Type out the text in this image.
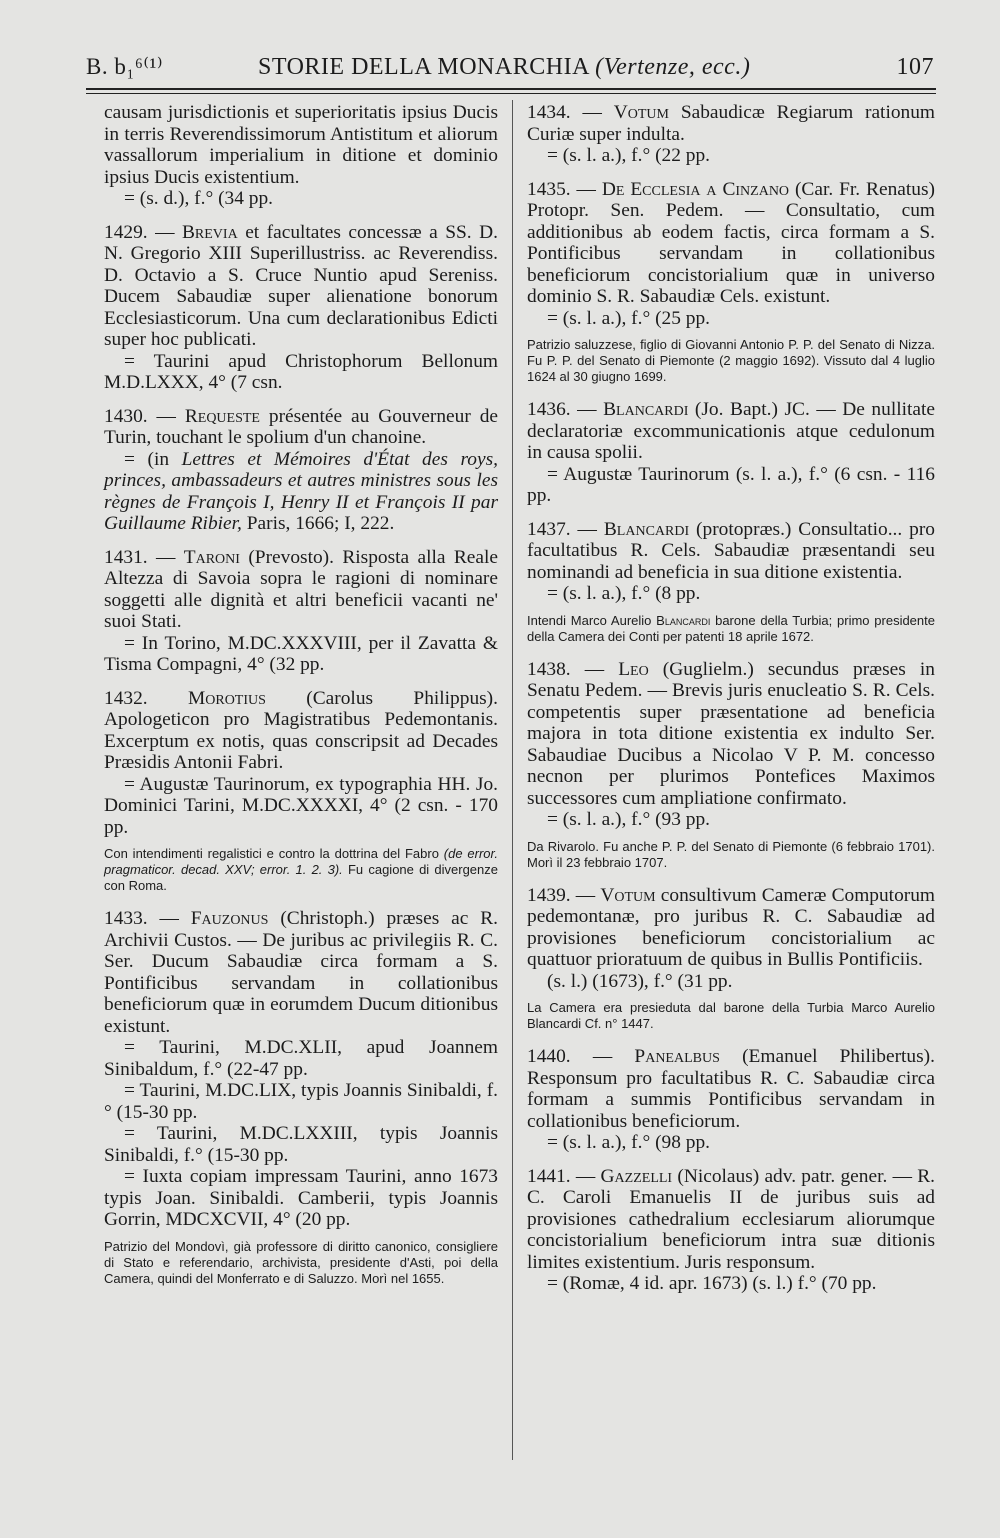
B. b₁⁶⁽¹⁾	STORIE DELLA MONARCHIA (Vertenze, ecc.)	107

causam jurisdictionis et superioritatis ipsius Ducis in terris Reverendissimorum Antistitum et aliorum vassallorum imperialium in ditione et dominio ipsius Ducis existentium.

= (s. d.), f.° (34 pp.

1429. — Brevia et facultates concessæ a SS. D. N. Gregorio XIII Superillustriss. ac Reverendiss. D. Octavio a S. Cruce Nuntio apud Sereniss. Ducem Sabaudiæ super alienatione bonorum Ecclesiasticorum. Una cum declarationibus Edicti super hoc publicati.

= Taurini apud Christophorum Bellonum M.D.LXXX, 4° (7 csn.

1430. — Requeste présentée au Gouverneur de Turin, touchant le spolium d'un chanoine.

= (in Lettres et Mémoires d'État des roys, princes, ambassadeurs et autres ministres sous les règnes de François I, Henry II et François II par Guillaume Ribier, Paris, 1666; I, 222.

1431. — Taroni (Prevosto). Risposta alla Reale Altezza di Savoia sopra le ragioni di nominare soggetti alle dignità et altri beneficii vacanti ne' suoi Stati.

= In Torino, M.DC.XXXVIII, per il Zavatta & Tisma Compagni, 4° (32 pp.

1432. Morotius (Carolus Philippus). Apologeticon pro Magistratibus Pedemontanis. Excerptum ex notis, quas conscripsit ad Decades Præsidis Antonii Fabri.

= Augustæ Taurinorum, ex typographia HH. Jo. Dominici Tarini, M.DC.XXXXI, 4° (2 csn. - 170 pp.

Con intendimenti regalistici e contro la dottrina del Fabro (de error. pragmaticor. decad. XXV; error. 1. 2. 3). Fu cagione di divergenze con Roma.

1433. — Fauzonus (Christoph.) præses ac R. Archivii Custos. — De juribus ac privilegiis R. C. Ser. Ducum Sabaudiæ circa formam a S. Pontificibus servandam in collationibus beneficiorum quæ in eorumdem Ducum ditionibus existunt.

= Taurini, M.DC.XLII, apud Joannem Sinibaldum, f.° (22-47 pp.

= Taurini, M.DC.LIX, typis Joannis Sinibaldi, f.° (15-30 pp.

= Taurini, M.DC.LXXIII, typis Joannis Sinibaldi, f.° (15-30 pp.

= Iuxta copiam impressam Taurini, anno 1673 typis Joan. Sinibaldi. Camberii, typis Joannis Gorrin, MDCXCVII, 4° (20 pp.

Patrizio del Mondovì, già professore di diritto canonico, consigliere di Stato e referendario, archivista, presidente d'Asti, poi della Camera, quindi del Monferrato e di Saluzzo. Morì nel 1655.

1434. — Votum Sabaudicæ Regiarum rationum Curiæ super indulta.

= (s. l. a.), f.° (22 pp.

1435. — De Ecclesia a Cinzano (Car. Fr. Renatus) Protopr. Sen. Pedem. — Consultatio, cum additionibus ab eodem factis, circa formam a S. Pontificibus servandam in collationibus beneficiorum concistorialium quæ in universo dominio S. R. Sabaudiæ Cels. existunt.

= (s. l. a.), f.° (25 pp.

Patrizio saluzzese, figlio di Giovanni Antonio P. P. del Senato di Nizza. Fu P. P. del Senato di Piemonte (2 maggio 1692). Vissuto dal 4 luglio 1624 al 30 giugno 1699.

1436. — Blancardi (Jo. Bapt.) JC. — De nullitate declaratoriæ excommunicationis atque cedulonum in causa spolii.

= Augustæ Taurinorum (s. l. a.), f.° (6 csn. - 116 pp.

1437. — Blancardi (protopræs.) Consultatio... pro facultatibus R. Cels. Sabaudiæ præsentandi seu nominandi ad beneficia in sua ditione existentia.

= (s. l. a.), f.° (8 pp.

Intendi Marco Aurelio Blancardi barone della Turbia; primo presidente della Camera dei Conti per patenti 18 aprile 1672.

1438. — Leo (Guglielm.) secundus præses in Senatu Pedem. — Brevis juris enucleatio S. R. Cels. competentis super præsentatione ad beneficia majora in tota ditione existentia ex indulto Ser. Sabaudiae Ducibus a Nicolao V P. M. concesso necnon per plurimos Pontefices Maximos successores cum ampliatione confirmato.

= (s. l. a.), f.° (93 pp.

Da Rivarolo. Fu anche P. P. del Senato di Piemonte (6 febbraio 1701). Morì il 23 febbraio 1707.

1439. — Votum consultivum Cameræ Computorum pedemontanæ, pro juribus R. C. Sabaudiæ ad provisiones beneficiorum concistorialium ac quattuor prioratuum de quibus in Bullis Pontificiis.

(s. l.) (1673), f.° (31 pp.

La Camera era presieduta dal barone della Turbia Marco Aurelio Blancardi Cf. n° 1447.

1440. — Panealbus (Emanuel Philibertus). Responsum pro facultatibus R. C. Sabaudiæ circa formam a summis Pontificibus servandam in collationibus beneficiorum.

= (s. l. a.), f.° (98 pp.

1441. — Gazzelli (Nicolaus) adv. patr. gener. — R. C. Caroli Emanuelis II de juribus suis ad provisiones cathedralium ecclesiarum aliorumque concistorialium beneficiorum intra suæ ditionis limites existentium. Juris responsum.

= (Romæ, 4 id. apr. 1673) (s. l.) f.° (70 pp.
